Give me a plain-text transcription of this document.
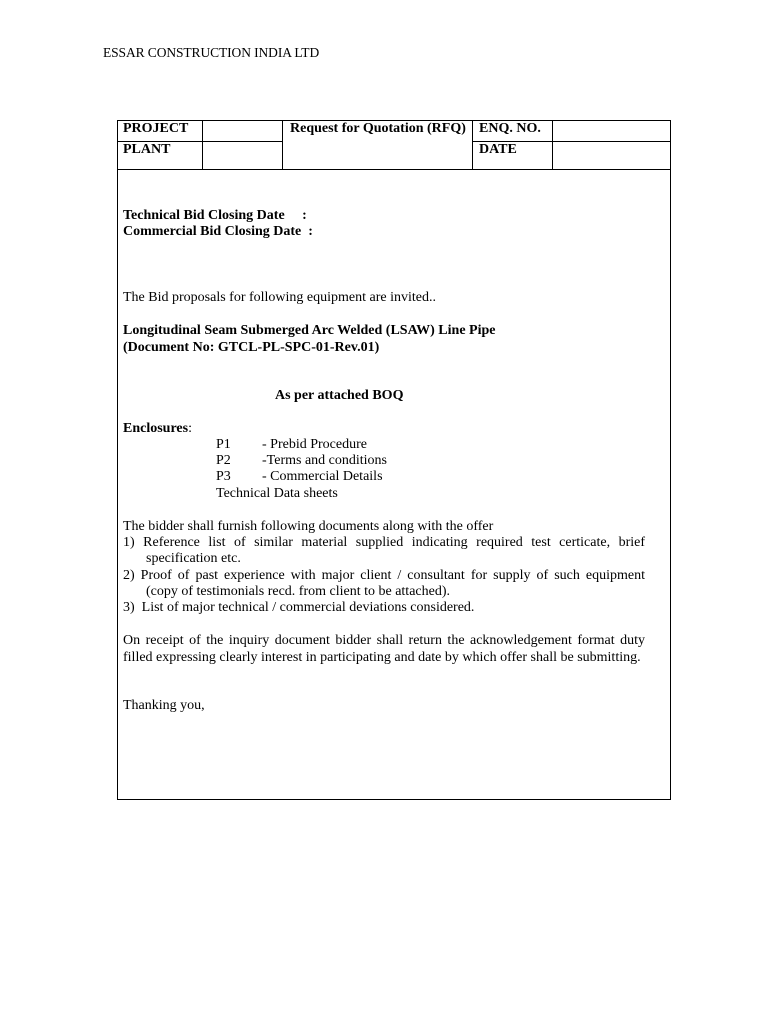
ESSAR CONSTRUCTION INDIA LTD
PROJECT
PLANT
Request for Quotation (RFQ) ENQ. NO.
DATE
Technical Bid Closing Date     :
Commercial Bid Closing Date  :
The Bid proposals for following equipment are invited..
Longitudinal Seam Submerged Arc Welded (LSAW) Line Pipe
(Document No: GTCL-PL-SPC-01-Rev.01)
As per attached BOQ
Enclosures:
P1 - Prebid Procedure
P2 -Terms and conditions
P3 - Commercial Details
Technical Data sheets
The bidder shall furnish following documents along with the offer
1) Reference list of similar material supplied indicating required test certicate, brief
specification etc.
2) Proof of past experience with major client / consultant for supply of such equipment
(copy of testimonials recd. from client to be attached).
3)  List of major technical / commercial deviations considered.
On receipt of the inquiry document bidder shall return the acknowledgement format duty
filled expressing clearly interest in participating and date by which offer shall be submitting.
Thanking you,
